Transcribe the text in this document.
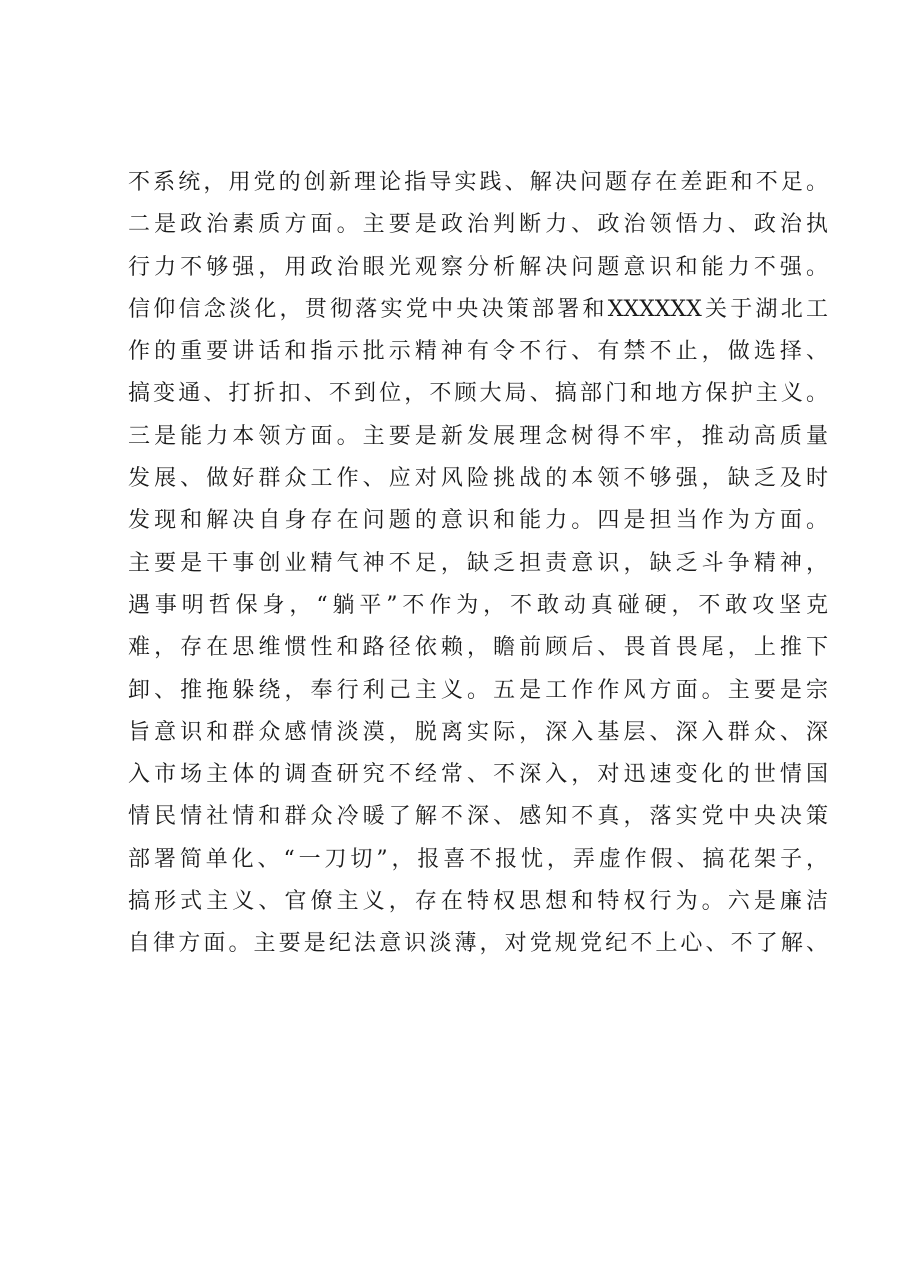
不系统，用党的创新理论指导实践、解决问题存在差距和不足。
二是政治素质方面。主要是政治判断力、政治领悟力、政治执
行力不够强，用政治眼光观察分析解决问题意识和能力不强。
信仰信念淡化，贯彻落实党中央决策部署和XXXXXX关于湖北工
作的重要讲话和指示批示精神有令不行、有禁不止，做选择、
搞变通、打折扣、不到位，不顾大局、搞部门和地方保护主义。
三是能力本领方面。主要是新发展理念树得不牢，推动高质量
发展、做好群众工作、应对风险挑战的本领不够强，缺乏及时
发现和解决自身存在问题的意识和能力。四是担当作为方面。
主要是干事创业精气神不足，缺乏担责意识，缺乏斗争精神，
遇事明哲保身，“躺平”不作为，不敢动真碰硬，不敢攻坚克
难，存在思维惯性和路径依赖，瞻前顾后、畏首畏尾，上推下
卸、推拖躲绕，奉行利己主义。五是工作作风方面。主要是宗
旨意识和群众感情淡漠，脱离实际，深入基层、深入群众、深
入市场主体的调查研究不经常、不深入，对迅速变化的世情国
情民情社情和群众冷暖了解不深、感知不真，落实党中央决策
部署简单化、“一刀切”，报喜不报忧，弄虚作假、搞花架子，
搞形式主义、官僚主义，存在特权思想和特权行为。六是廉洁
自律方面。主要是纪法意识淡薄，对党规党纪不上心、不了解、
